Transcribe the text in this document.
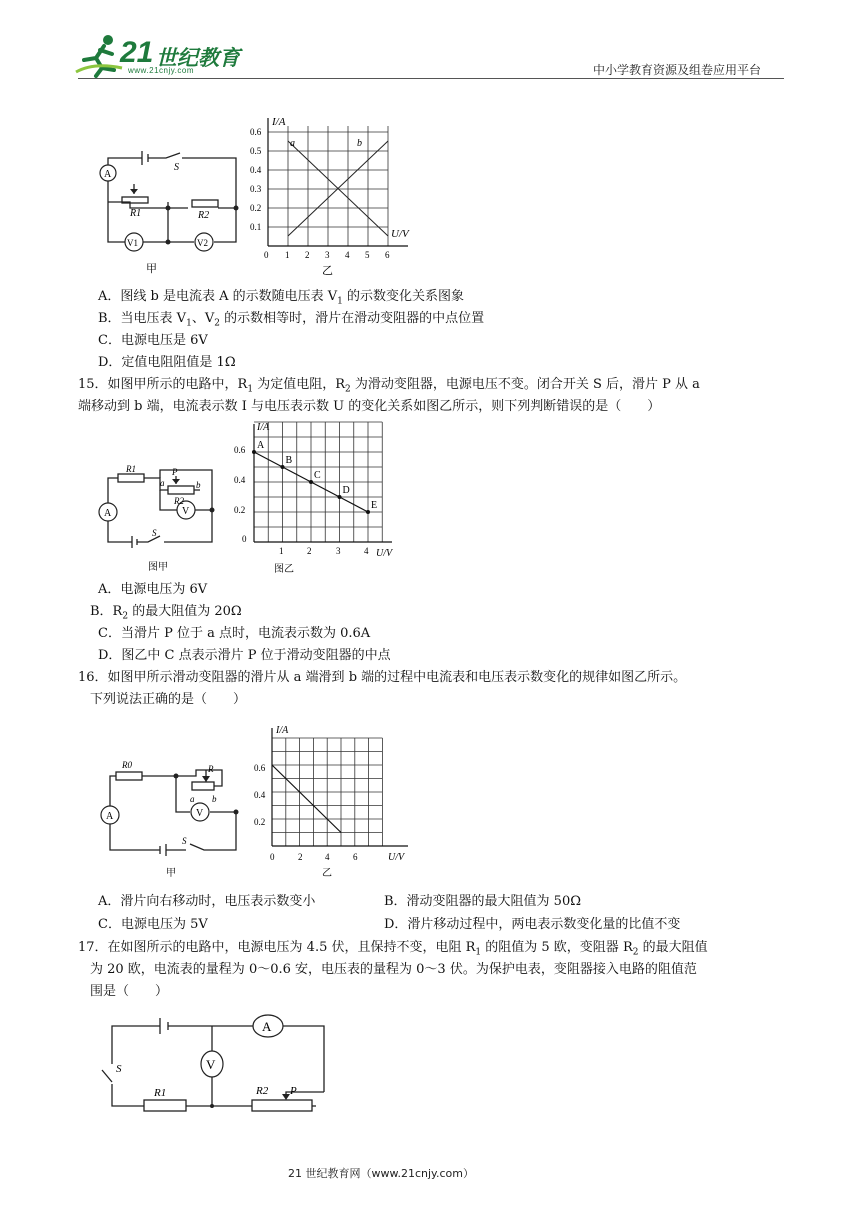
21 世纪教育
www.21cnjy.com	中小学教育资源及组卷应用平台
A
S
R1	R2
V1	V2
甲
I/A
U/V
a	b
0.6
0.5
0.4
0.3
0.2
0.1
0 1 2 3 4 5 6
乙
A．图线 b 是电流表 A 的示数随电压表 $V_1$ 的示数变化关系图象
B．当电压表 $V_1$、$V_2$ 的示数相等时，滑片在滑动变阻器的中点位置
C．电源电压是 6V
D．定值电阻阻值是 1Ω
15．如图甲所示的电路中，$R_1$ 为定值电阻，$R_2$ 为滑动变阻器，电源电压不变。闭合开关 S 后，滑片 P 从 a
端移动到 b 端，电流表示数 I 与电压表示数 U 的变化关系如图乙所示，则下列判断错误的是（　　）
R1	P
a	b
R2
A	V
S
图甲
A
B
C
D
E
I/A
U/V
0.6
0.4
0.2
0
1	2	3	4
图乙
A．电源电压为 6V
B．$R_2$ 的最大阻值为 20Ω
C．当滑片 P 位于 a 点时，电流表示数为 0.6A
D．图乙中 C 点表示滑片 P 位于滑动变阻器的中点
16．如图甲所示滑动变阻器的滑片从 a 端滑到 b 端的过程中电流表和电压表示数变化的规律如图乙所示。
下列说法正确的是（　　）
R0	R
a b
V
A
S
甲
I/A
U/V
0.6
0.4
0.2
0	2	4	6
乙
A．滑片向右移动时，电压表示数变小	B．滑动变阻器的最大阻值为 50Ω
C．电源电压为 5V	D．滑片移动过程中，两电表示数变化量的比值不变
17．在如图所示的电路中，电源电压为 4.5 伏，且保持不变，电阻 $R_1$ 的阻值为 5 欧，变阻器 $R_2$ 的最大阻值
为 20 欧，电流表的量程为 0～0.6 安，电压表的量程为 0～3 伏。为保护电表，变阻器接入电路的阻值范
围是（　　）
A
V
S
R1	R2 P
21 世纪教育网（www.21cnjy.com）
